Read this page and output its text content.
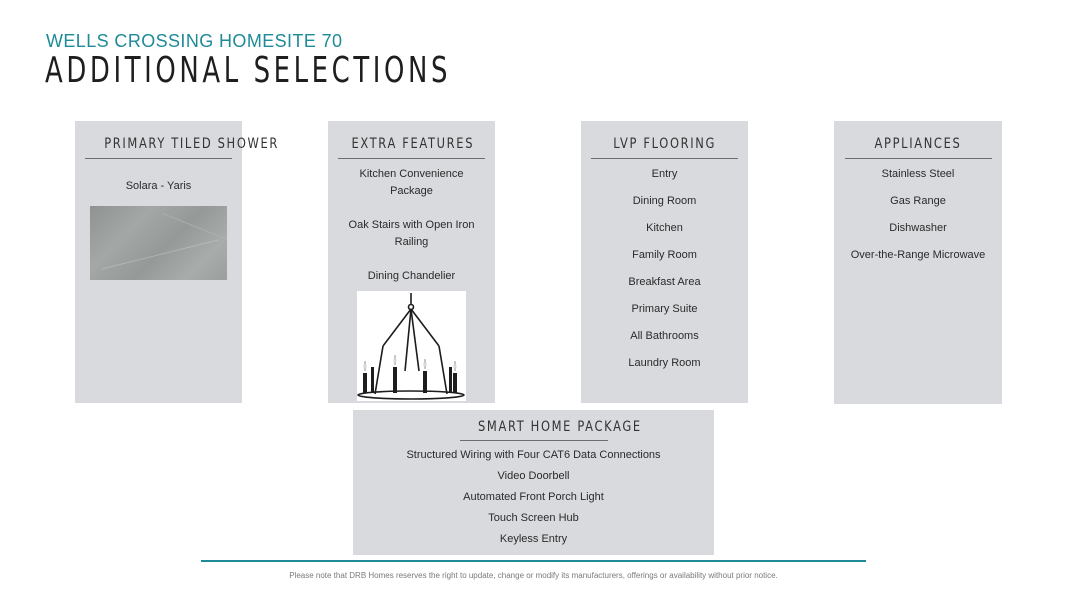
WELLS CROSSING HOMESITE 70
ADDITIONAL SELECTIONS
PRIMARY TILED SHOWER
Solara - Yaris
EXTRA FEATURES
Kitchen Convenience Package
Oak Stairs with Open Iron Railing
Dining Chandelier
LVP FLOORING
Entry
Dining Room
Kitchen
Family Room
Breakfast Area
Primary Suite
All Bathrooms
Laundry Room
APPLIANCES
Stainless Steel
Gas Range
Dishwasher
Over-the-Range Microwave
SMART HOME PACKAGE
Structured Wiring with Four CAT6 Data Connections
Video Doorbell
Automated Front Porch Light
Touch Screen Hub
Keyless Entry
Please note that DRB Homes reserves the right to update, change or modify its manufacturers, offerings or availability without prior notice.
